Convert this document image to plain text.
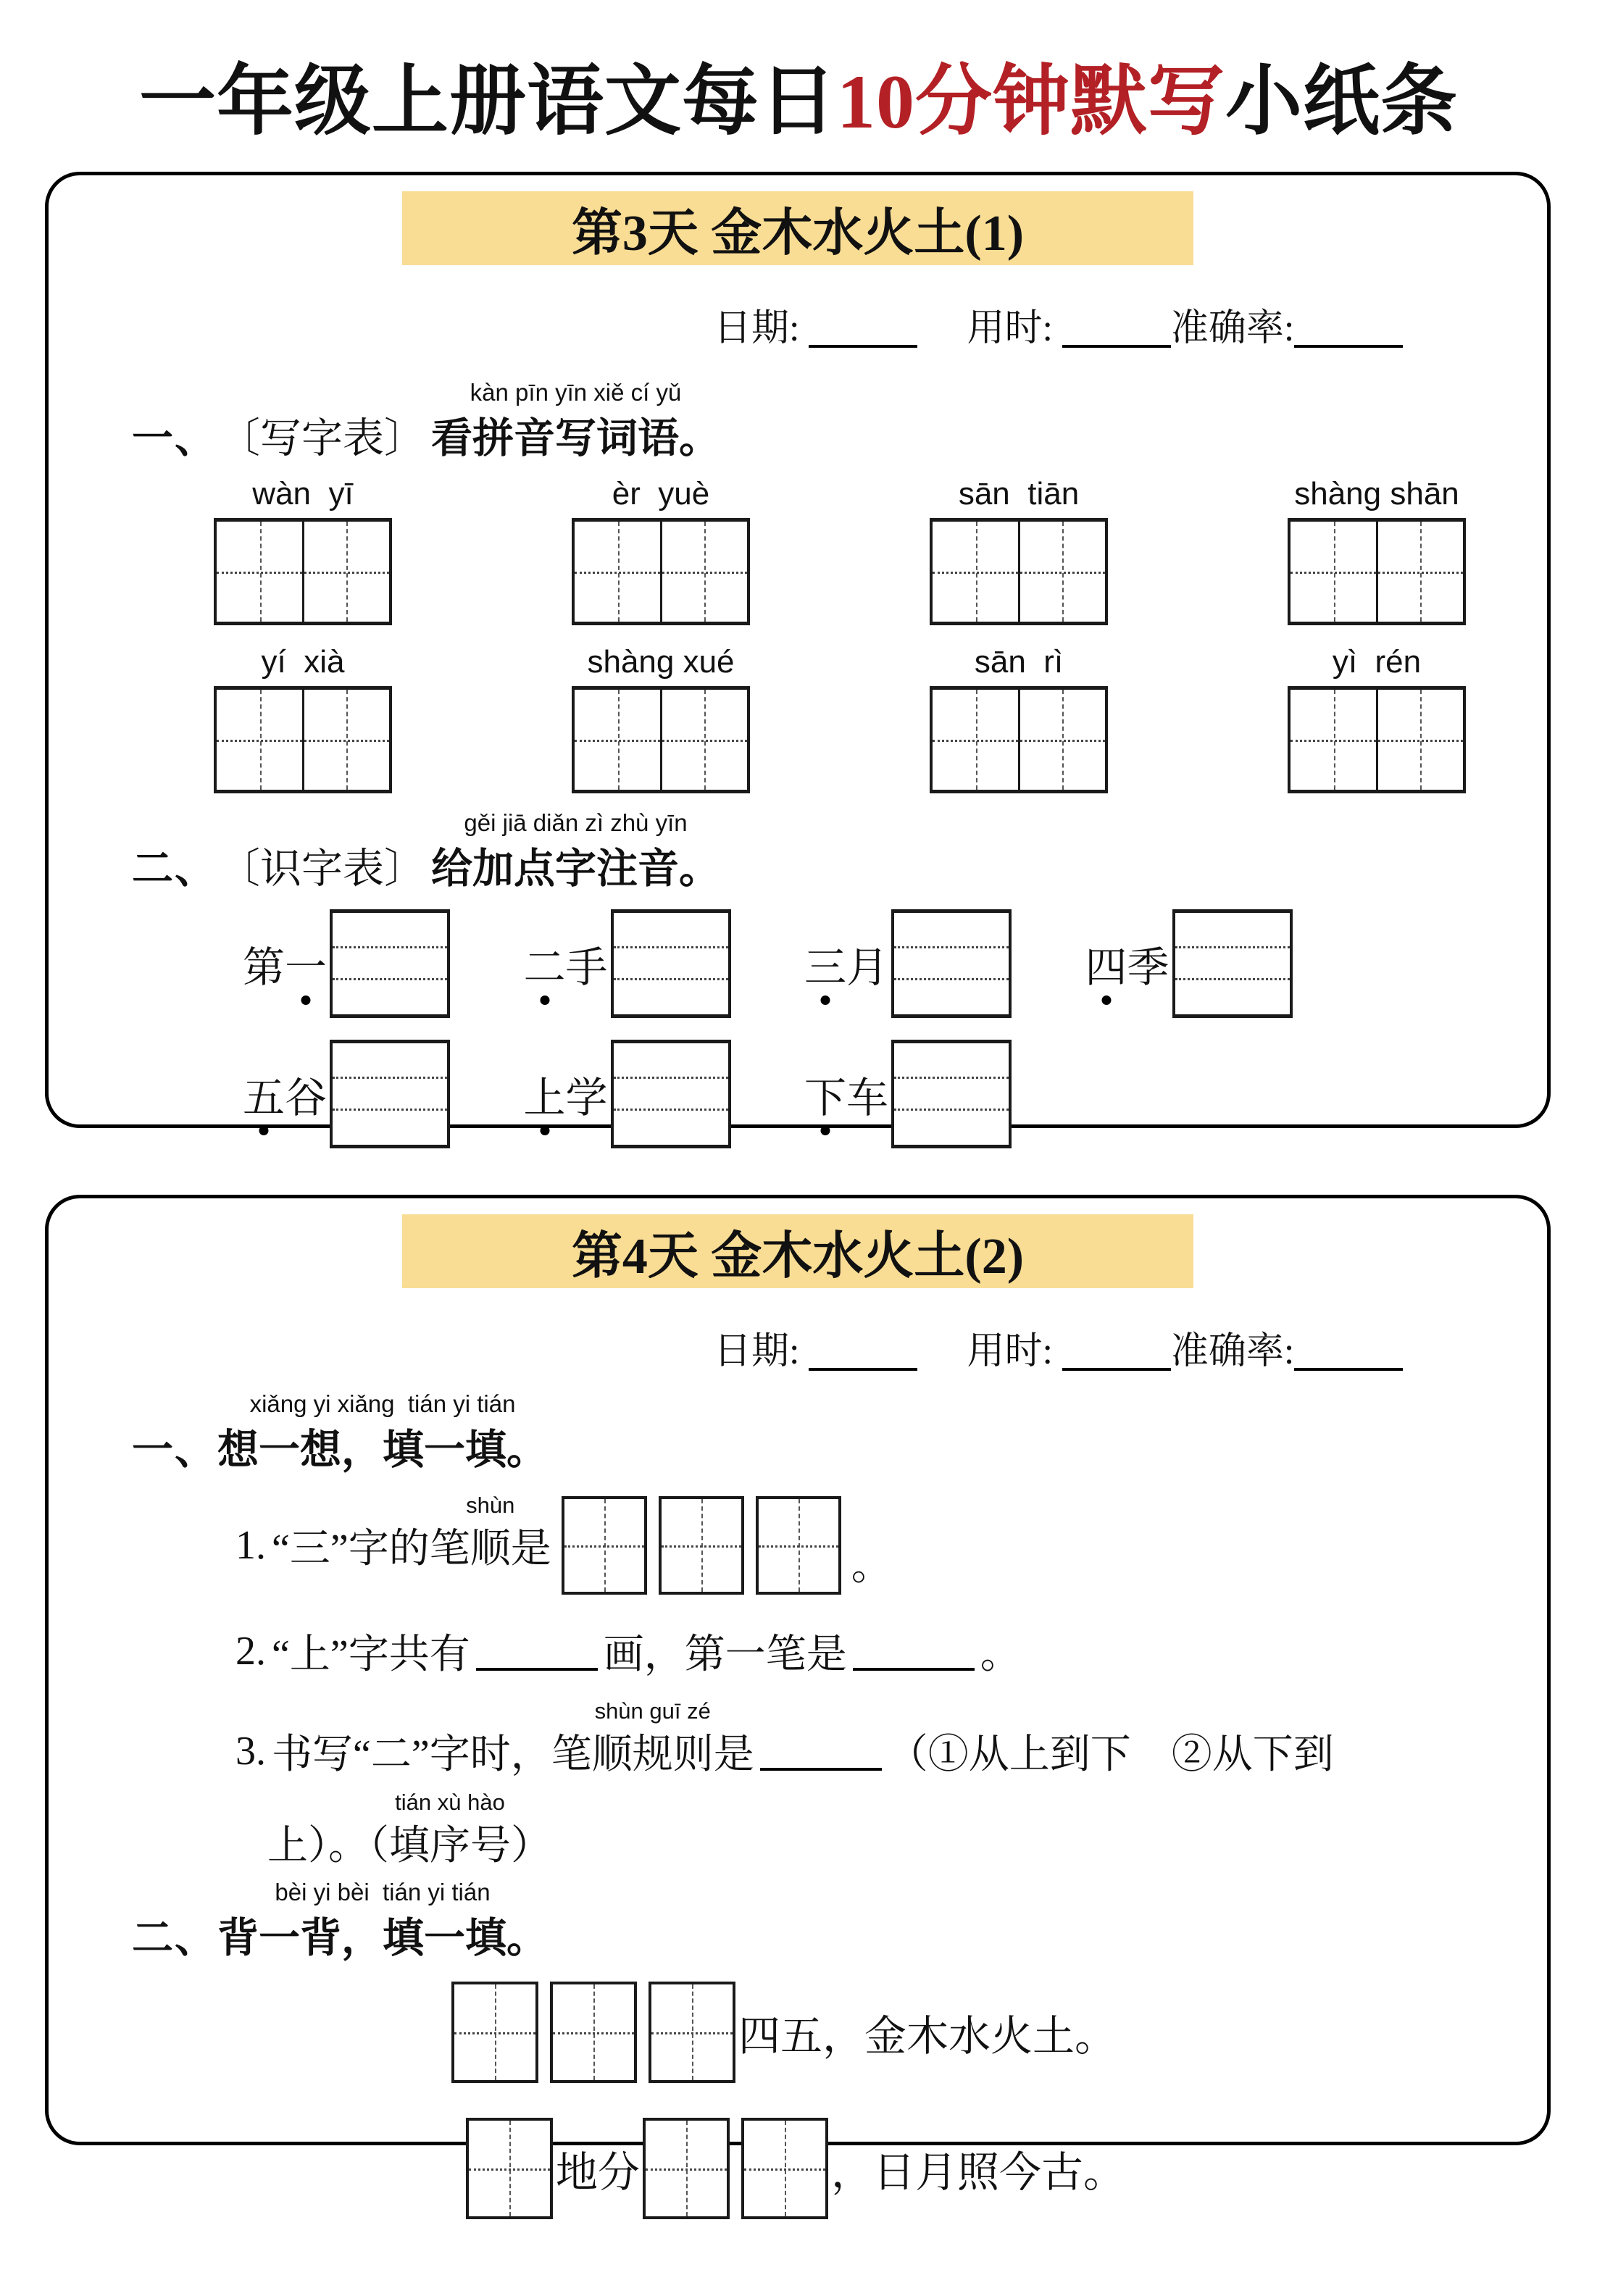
一年级上册语文每日10分钟默写小纸条
第3天 金木水火土(1)
日期:	用时:	准确率:
一、 〔写字表〕
kàn pīn yīn xiě cí yǔ
看拼音写词语。
wàn  yī	èr  yuè	sān  tiān	shàng shān
yí  xià	shàng xué	sān  rì	yì  rén
二、 〔识字表〕
gěi jiā diǎn zì zhù yīn
给加点字注音。
第 一	二 手	三 月	四 季
五 谷	上 学	下 车
第4天 金木水火土(2)
日期:	用时:	准确率:
一、
xiǎng yi xiǎng  tián yi tián
想一想，填一填。
1. “三”字的笔
shùn
顺 是	。
2. “上”字共有	画，第一笔是	。
3. 书写“二”字时，笔
shùn guī zé
顺规则 是	（①从上到下　②从下到
上）。（
tián xù hào
填序号 ）
二、
bèi yi bèi  tián yi tián
背一背，填一填。
四五，金木水火土。
地分	，日月照今古。
